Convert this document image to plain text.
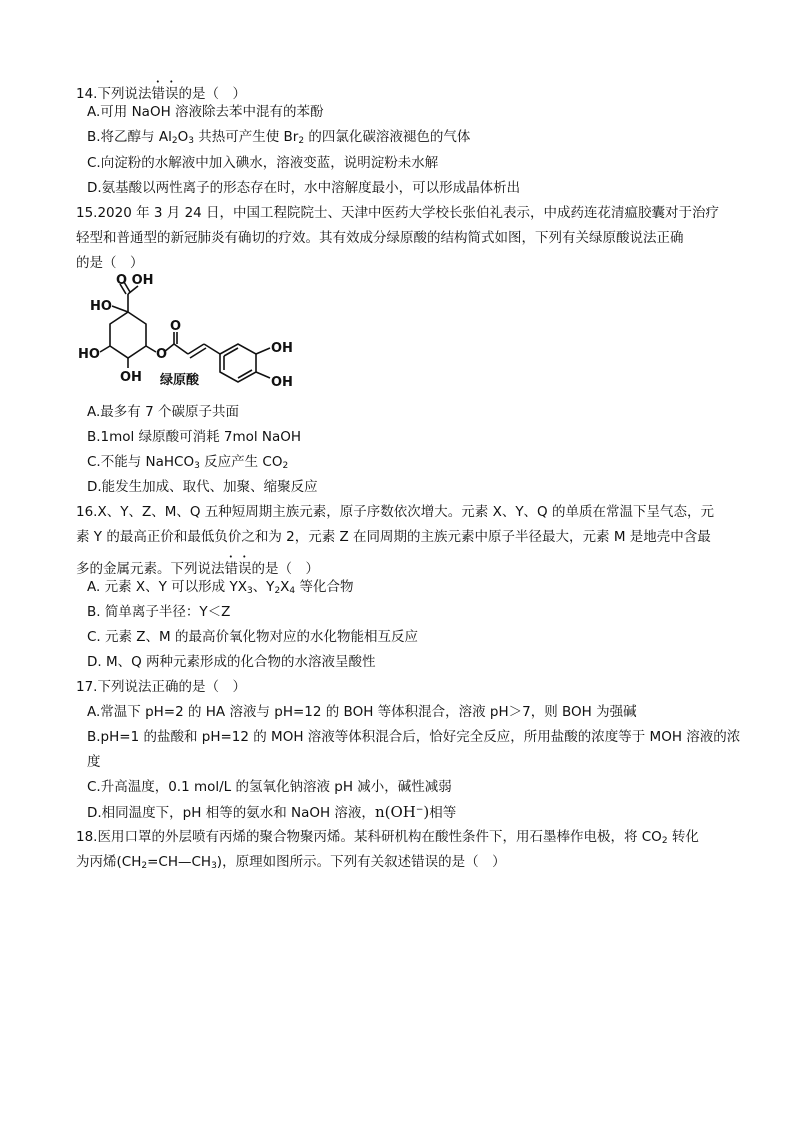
14.下列说法错误的是（　）
A.可用 NaOH 溶液除去苯中混有的苯酚
B.将乙醇与 $Al_2O_3$ 共热可产生使 $Br_2$ 的四氯化碳溶液褪色的气体
C.向淀粉的水解液中加入碘水，溶液变蓝，说明淀粉未水解
D.氨基酸以两性离子的形态存在时，水中溶解度最小，可以形成晶体析出
15.2020 年 3 月 24 日，中国工程院院士、天津中医药大学校长张伯礼表示，中成药连花清瘟胶囊对于治疗
轻型和普通型的新冠肺炎有确切的疗效。其有效成分绿原酸的结构简式如图，下列有关绿原酸说法正确
的是（　）
O OH
HO
HO
OH
O
O
OH
OH
绿原酸
A.最多有 7 个碳原子共面
B.1mol 绿原酸可消耗 7mol NaOH
C.不能与 NaHCO$_3$ 反应产生 $CO_2$
D.能发生加成、取代、加聚、缩聚反应
16.X、Y、Z、M、Q 五种短周期主族元素，原子序数依次增大。元素 X、Y、Q 的单质在常温下呈气态，元
素 Y 的最高正价和最低负价之和为 2，元素 Z 在同周期的主族元素中原子半径最大，元素 M 是地壳中含最
多的金属元素。下列说法错误的是（　）
A. 元素 X、Y 可以形成 $YX_3$、$Y_2X_4$ 等化合物
B. 简单离子半径：Y＜Z
C. 元素 Z、M 的最高价氧化物对应的水化物能相互反应
D. M、Q 两种元素形成的化合物的水溶液呈酸性
17.下列说法正确的是（　）
A.常温下 pH=2 的 HA 溶液与 pH=12 的 BOH 等体积混合，溶液 pH＞7，则 BOH 为强碱
B.pH=1 的盐酸和 pH=12 的 MOH 溶液等体积混合后，恰好完全反应，所用盐酸的浓度等于 MOH 溶液的浓
度
C.升高温度，0.1 mol/L 的氢氧化钠溶液 pH 减小，碱性减弱
D.相同温度下，pH 相等的氨水和 NaOH 溶液，n(OH−)相等
18.医用口罩的外层喷有丙烯的聚合物聚丙烯。某科研机构在酸性条件下，用石墨棒作电极，将 $CO_2$ 转化
为丙烯$(CH_2=CH—CH_3)$，原理如图所示。下列有关叙述错误的是（　）
